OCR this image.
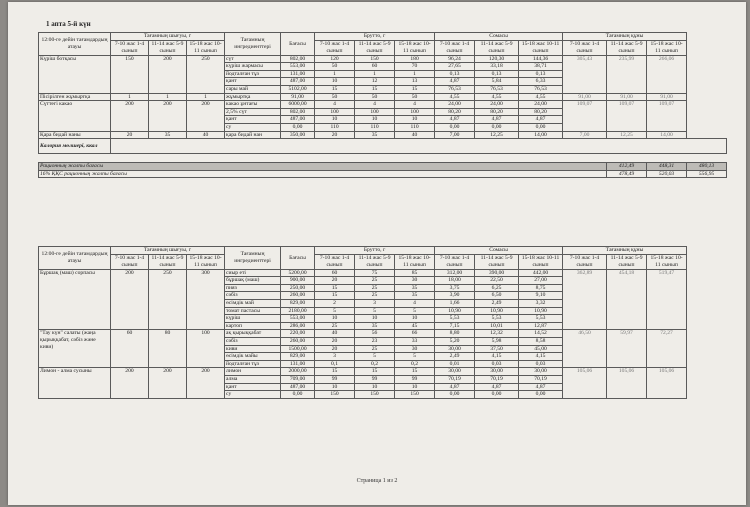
1 апта 5-й күн
12:00-ге дейін тағамдардың атауы	Тағамның шығуы, г			Тағамның ингредиенттері	Бағасы	Брутто, г			Сомасы			Тағамның құны			
	7-10 жас 1-4 сынып	11-14 жас 5-9 сынып	15-18 жас 10-11 сынып			7-10 жас 1-4 сынып	11-14 жас 5-9 сынып	15-18 жас 10-11 сынып	7-10 жас 1-4 сынып	11-14 жас 5-9 сынып	15-18 жас 10-11 сынып	7-10 жас 1-4 сынып	11-14 жас 5-9 сынып	15-18 жас 10-11 сынып	
Күріш ботқасы	150	200	250	сүт	802,00	120	150	180	96,24	120,30	144,36	305,43	235,99	266,06	
				күріш жармасы	553,00	50	60	70	27,65	33,18	38,71				
				йодталған тұз	131,00	1	1	1	0,13	0,13	0,13				
				қант	487,00	10	12	13	4,87	5,84	6,33				
				сары май	5102,00	15	15	15	76,53	76,53	76,53				
Пісірілген жұмыртқа	1	1	1	жұмыртқа	91,00	50	50	50	4,55	4,55	4,55	91,00	91,00	91,00	
Сүттегі какао	200	200	200	какао ұнтағы	6000,00	4	4	4	24,00	24,00	24,00	109,07	109,07	109,07	
				2,5% сүт	802,00	100	100	100	80,20	80,20	80,20				
				қант	487,00	10	10	10	4,87	4,87	4,87				
				су	0,00	110	110	110	0,00	0,00	0,00				
Қара бидай наны	20	35	40	қара бидай нан	350,00	20	35	40	7,00	12,25	14,00	7,00	12,25	14,00	
Калория мөлшері, ккал															

Рационның жалпы бағасы													412,49	448,31	480,13
16% ҚҚС рационның жалпы бағасы													478,49	520,03	556,95
12:00-ге дейін тағамдардың атауы	Тағамның шығуы, г			Тағамның ингредиенттері	Бағасы	Брутто, г			Сомасы			Тағамның құны		
	7-10 жас 1-4 сынып	11-14 жас 5-9 сынып	15-18 жас 10-11 сынып			7-10 жас 1-4 сынып	11-14 жас 5-9 сынып	15-18 жас 10-11 сынып	7-10 жас 1-4 сынып	11-14 жас 5-9 сынып	15-18 жас 10-11 сынып	7-10 жас 1-4 сынып	11-14 жас 5-9 сынып	15-18 жас 10-11 сынып
Бұршақ (маш) сорпасы	200	250	300	сиыр еті	5200,00	60	75	85	312,00	390,00	442,00	362,89	454,18	519,47
				бұршақ (маш)	900,00	20	25	30	18,00	22,50	27,00			
				пияз	250,00	15	25	35	3,75	6,25	8,75			
				сәбіз	260,00	15	25	35	3,90	6,50	9,10			
				өсімдік май	829,00	2	3	4	1,66	2,49	3,32			
				томат пастасы	2180,00	5	5	5	10,90	10,90	10,90			
				күріш	553,00	10	10	10	5,53	5,53	5,53			
				картоп	286,00	25	35	45	7,15	10,01	12,87			
"Тау күн" салаты (жаңа қырыққабат, сәбіз және киви)	60	80	100	ақ қырыққабат	220,00	40	56	66	8,80	12,32	14,52	46,50	59,97	72,27
				сәбіз	260,00	20	23	33	5,20	5,98	8,58			
				киви	1500,00	20	25	30	30,00	37,50	45,00			
				өсімдік майы	829,00	3	5	5	2,49	4,15	4,15			
				йодталған тұз	131,00	0,1	0,2	0,2	0,01	0,03	0,03			
Лимон - алма сусыны	200	200	200	лимон	2000,00	15	15	15	30,00	30,00	30,00	105,06	105,06	105,06
				алма	709,00	99	99	99	70,19	70,19	70,19			
				қант	487,00	10	10	10	4,87	4,87	4,87			
				су	0,00	150	150	150	0,00	0,00	0,00			
Страница 1 из 2
